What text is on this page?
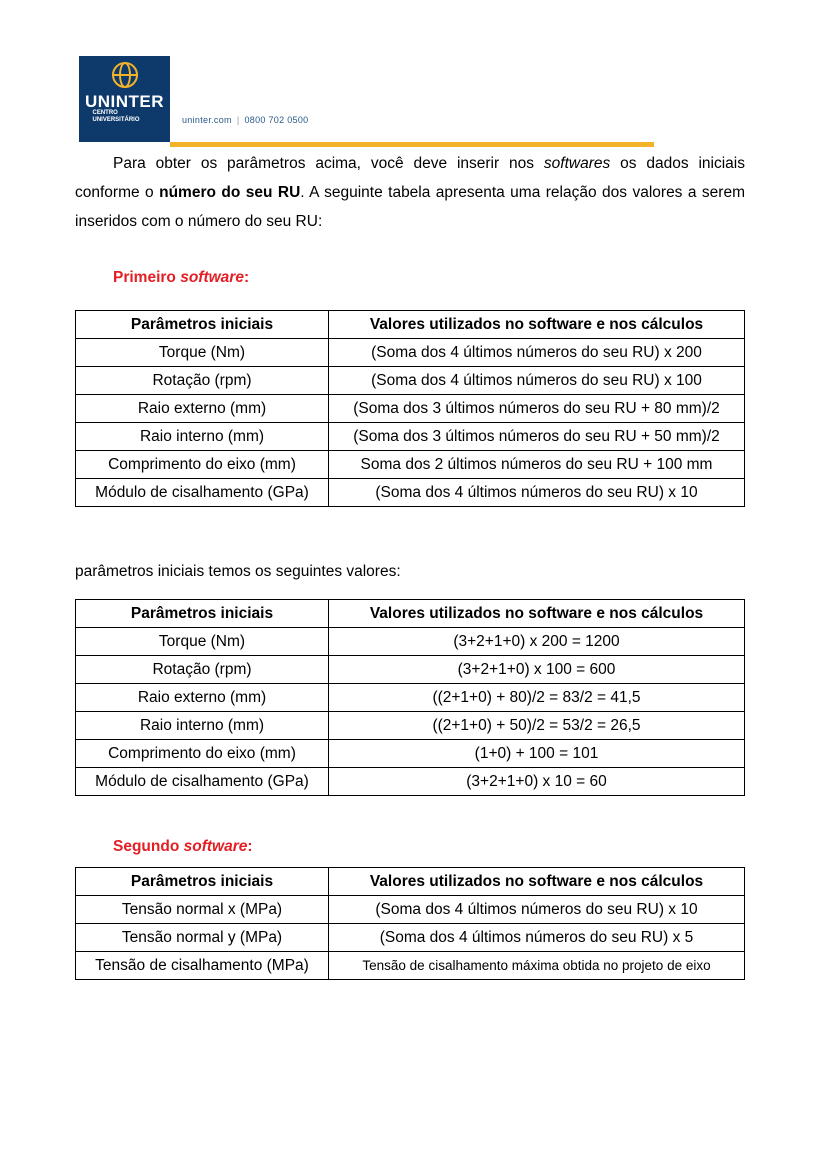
UNINTER
CENTRO
UNIVERSITÁRIO	uninter.com | 0800 702 0500
Para obter os parâmetros acima, você deve inserir nos softwares os dados iniciais conforme o número do seu RU. A seguinte tabela apresenta uma relação dos valores a serem inseridos com o número do seu RU:
Primeiro software:
Parâmetros iniciais	Valores utilizados no software e nos cálculos
Torque (Nm)	(Soma dos 4 últimos números do seu RU) x 200
Rotação (rpm)	(Soma dos 4 últimos números do seu RU) x 100
Raio externo (mm)	(Soma dos 3 últimos números do seu RU + 80 mm)/2
Raio interno (mm)	(Soma dos 3 últimos números do seu RU + 50 mm)/2
Comprimento do eixo (mm)	Soma dos 2 últimos números do seu RU + 100 mm
Módulo de cisalhamento (GPa)	(Soma dos 4 últimos números do seu RU) x 10
parâmetros iniciais temos os seguintes valores:
Parâmetros iniciais	Valores utilizados no software e nos cálculos
Torque (Nm)	(3+2+1+0) x 200 = 1200
Rotação (rpm)	(3+2+1+0) x 100 = 600
Raio externo (mm)	((2+1+0) + 80)/2 = 83/2 = 41,5
Raio interno (mm)	((2+1+0) + 50)/2 = 53/2 = 26,5
Comprimento do eixo (mm)	(1+0) + 100 = 101
Módulo de cisalhamento (GPa)	(3+2+1+0) x 10 = 60
Segundo software:
Parâmetros iniciais	Valores utilizados no software e nos cálculos
Tensão normal x (MPa)	(Soma dos 4 últimos números do seu RU) x 10
Tensão normal y (MPa)	(Soma dos 4 últimos números do seu RU) x 5
Tensão de cisalhamento (MPa)	Tensão de cisalhamento máxima obtida no projeto de eixo
